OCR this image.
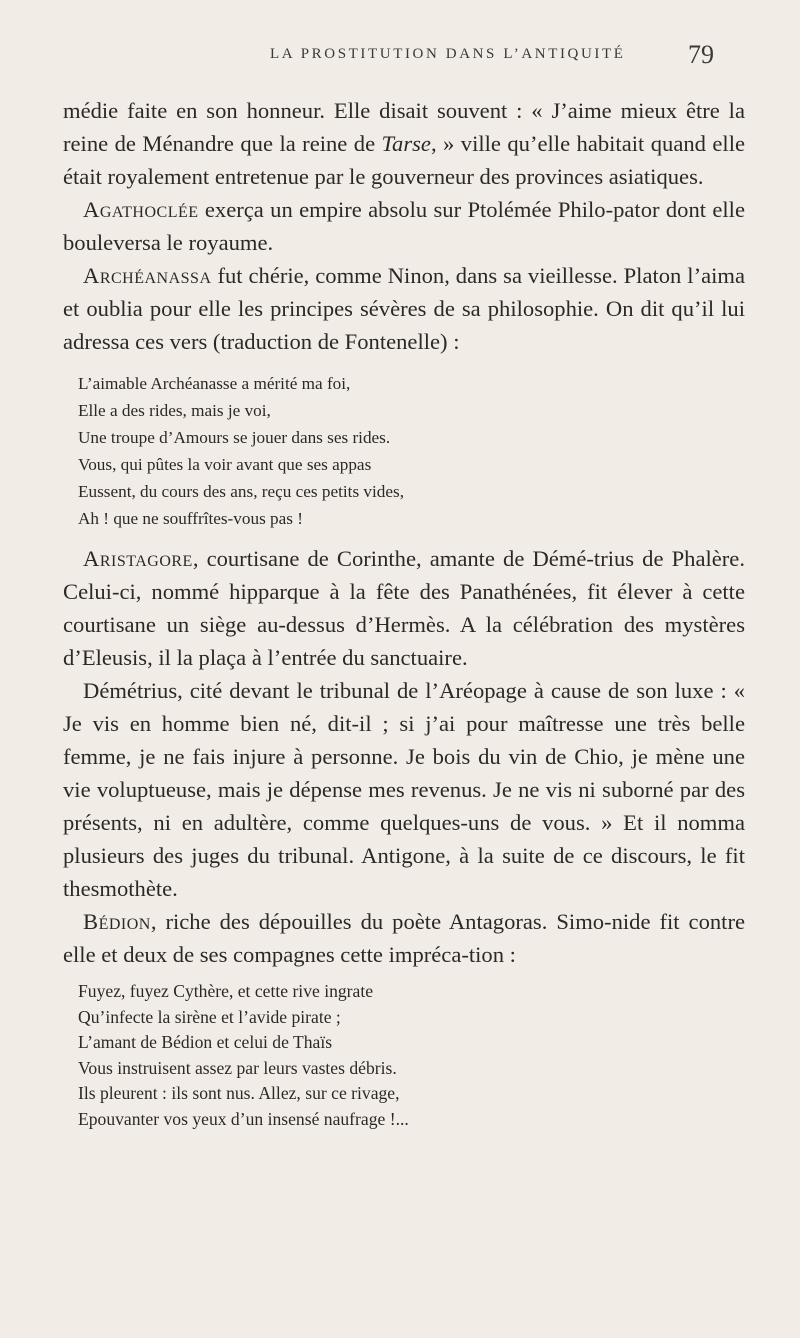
LA PROSTITUTION DANS L’ANTIQUITÉ 79

médie faite en son honneur. Elle disait souvent : « J’aime mieux être la reine de Ménandre que la reine de Tarse, » ville qu’elle habitait quand elle était royalement entretenue par le gouverneur des provinces asiatiques.

Agathoclée exerça un empire absolu sur Ptolémée Philo-pator dont elle bouleversa le royaume.

Archéanassa fut chérie, comme Ninon, dans sa vieillesse. Platon l’aima et oublia pour elle les principes sévères de sa philosophie. On dit qu’il lui adressa ces vers (traduction de Fontenelle) :

L’aimable Archéanasse a mérité ma foi,
Elle a des rides, mais je voi,
Une troupe d’Amours se jouer dans ses rides.
Vous, qui pûtes la voir avant que ses appas
Eussent, du cours des ans, reçu ces petits vides,
Ah ! que ne souffrîtes-vous pas !

Aristagore, courtisane de Corinthe, amante de Démé-trius de Phalère. Celui-ci, nommé hipparque à la fête des Panathénées, fit élever à cette courtisane un siège au-dessus d’Hermès. A la célébration des mystères d’Eleusis, il la plaça à l’entrée du sanctuaire.

Démétrius, cité devant le tribunal de l’Aréopage à cause de son luxe : « Je vis en homme bien né, dit-il ; si j’ai pour maîtresse une très belle femme, je ne fais injure à personne. Je bois du vin de Chio, je mène une vie voluptueuse, mais je dépense mes revenus. Je ne vis ni suborné par des présents, ni en adultère, comme quelques-uns de vous. » Et il nomma plusieurs des juges du tribunal. Antigone, à la suite de ce discours, le fit thesmothète.

Bédion, riche des dépouilles du poète Antagoras. Simo-nide fit contre elle et deux de ses compagnes cette impréca-tion :

Fuyez, fuyez Cythère, et cette rive ingrate
Qu’infecte la sirène et l’avide pirate ;
L’amant de Bédion et celui de Thaïs
Vous instruisent assez par leurs vastes débris.
Ils pleurent : ils sont nus. Allez, sur ce rivage,
Epouvanter vos yeux d’un insensé naufrage !...
